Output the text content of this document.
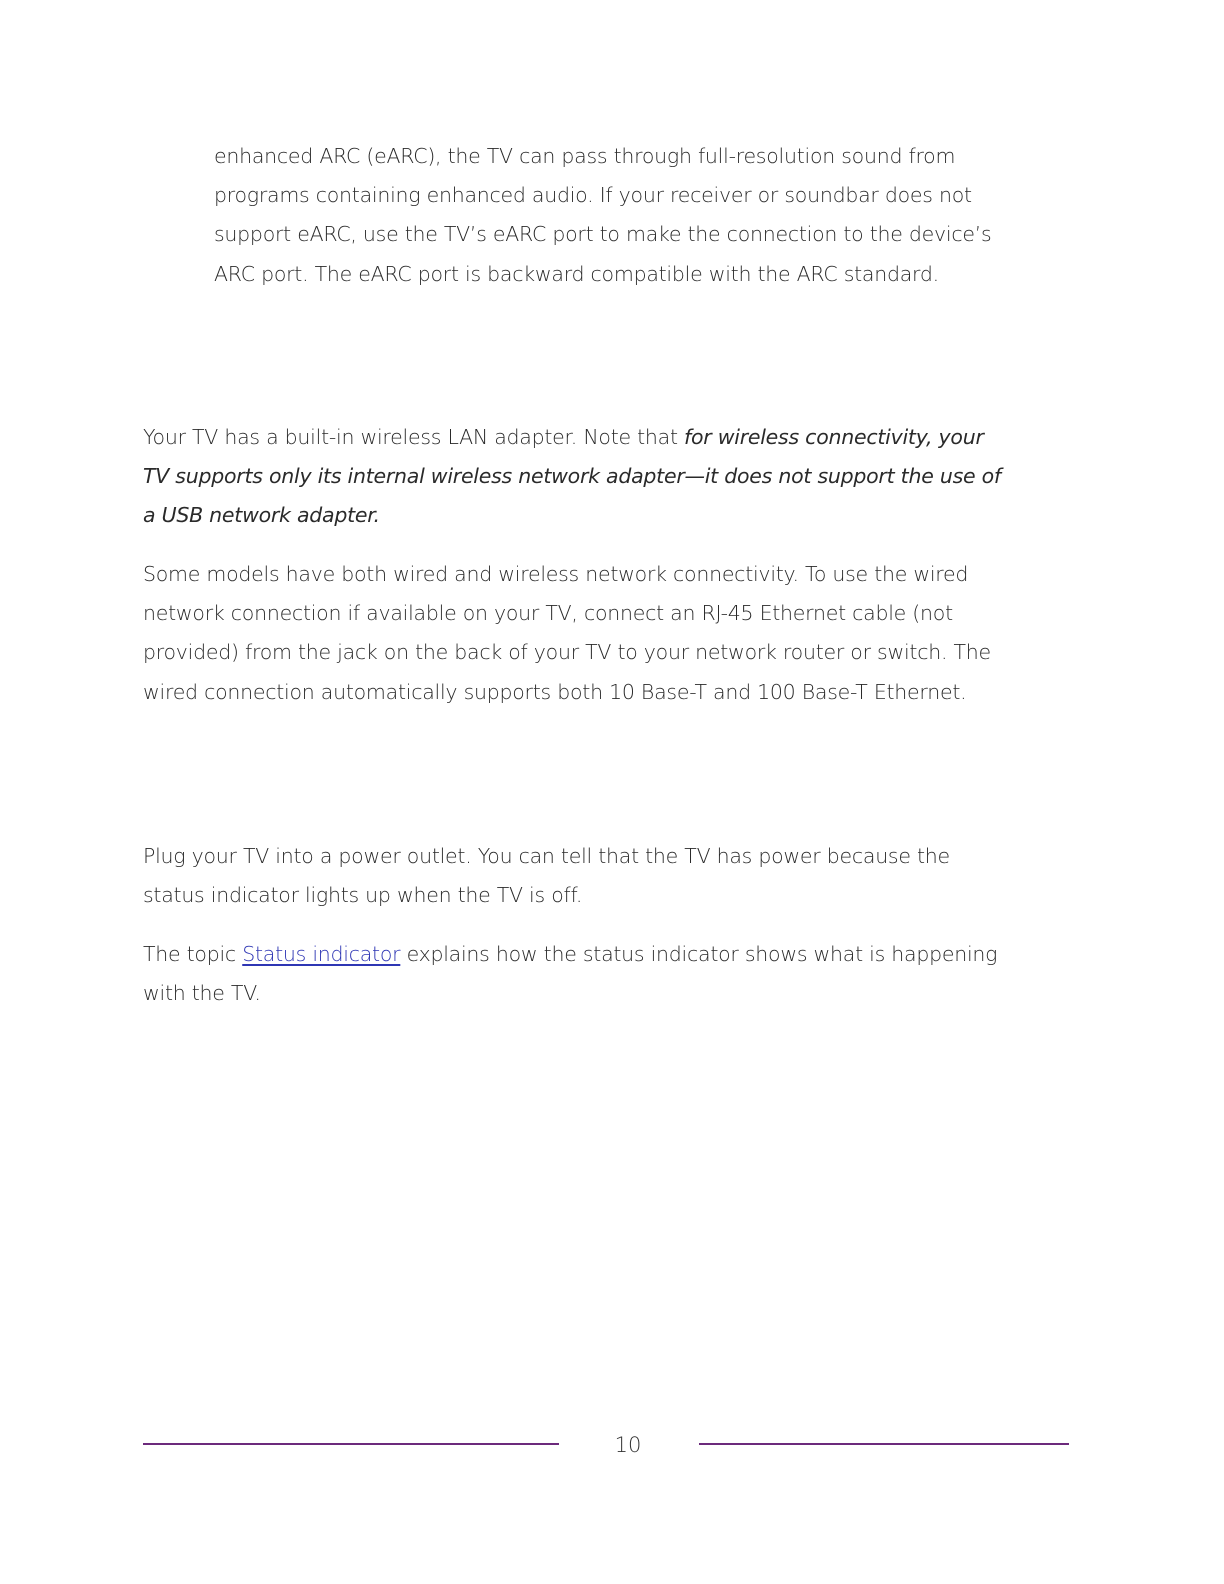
enhanced ARC (eARC), the TV can pass through full-resolution sound from
programs containing enhanced audio. If your receiver or soundbar does not
support eARC, use the TV’s eARC port to make the connection to the device’s
ARC port. The eARC port is backward compatible with the ARC standard.

Your TV has a built-in wireless LAN adapter. Note that for wireless connectivity, your
TV supports only its internal wireless network adapter—it does not support the use of
a USB network adapter.

Some models have both wired and wireless network connectivity. To use the wired
network connection if available on your TV, connect an RJ-45 Ethernet cable (not
provided) from the jack on the back of your TV to your network router or switch. The
wired connection automatically supports both 10 Base-T and 100 Base-T Ethernet.

Plug your TV into a power outlet. You can tell that the TV has power because the
status indicator lights up when the TV is off.

The topic Status indicator explains how the status indicator shows what is happening
with the TV.

10
